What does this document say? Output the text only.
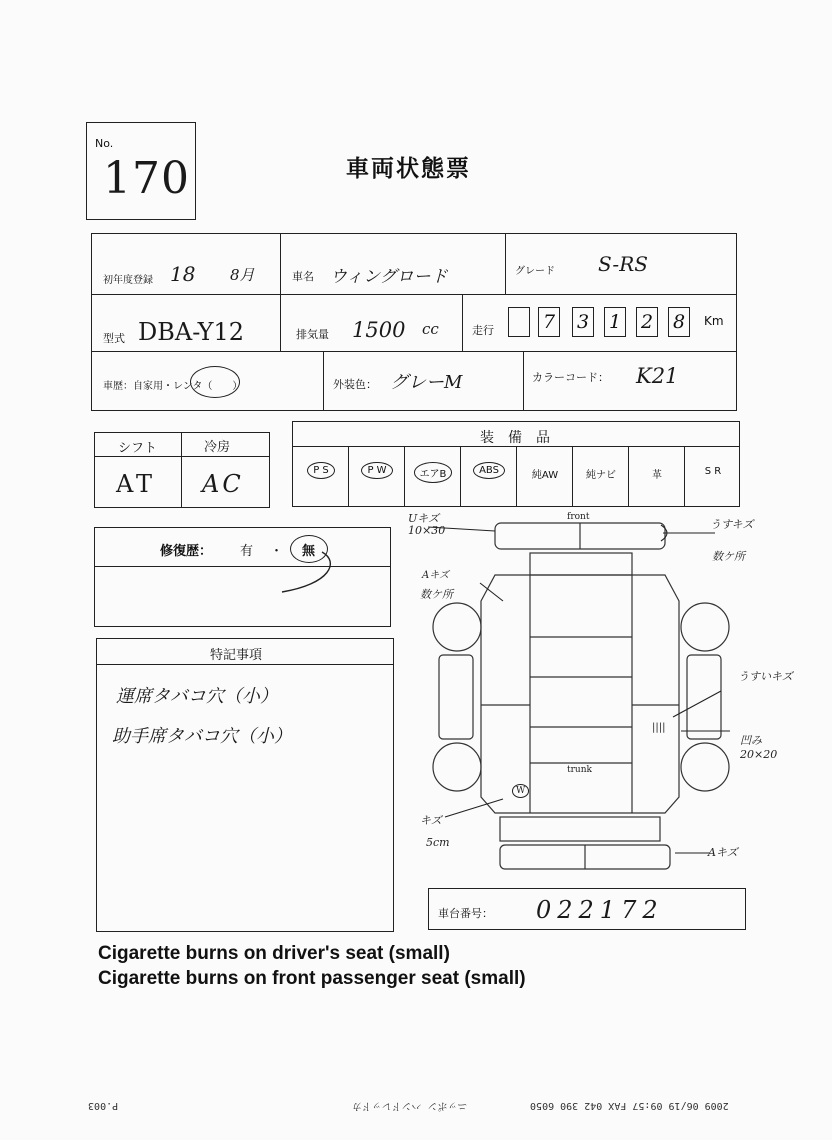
No.
170	車両状態票
初年度登録 18 8月	車名 ウィングロード	グレード S-RS
型式 DBA-Y12	排気量 1500 cc	走行	7 3 1 2 8	Km
車歴：自家用・レンタ（　　）	外装色： グレーM	カラーコード： K21
シフト	冷房
AT AC
装　備　品
P S	P W	エアB	ABS	純AW	純ナビ	革	S R
修復歴： 有 ・ 無
特記事項
運席タバコ穴（小）
助手席タバコ穴（小）
front
trunk
Uキズ
10×30	うすキズ
数ケ所
Aキズ
数ケ所
うすいキズ
||||
凹み
20×20
キズ
5cm
Aキズ
W
車台番号： 022172
Cigarette burns on driver's seat (small)
Cigarette burns on front passenger seat (small)
P.003	ニッポン ハンドレッドカ	2009 06/19 09:57 FAX 042 390 6050
